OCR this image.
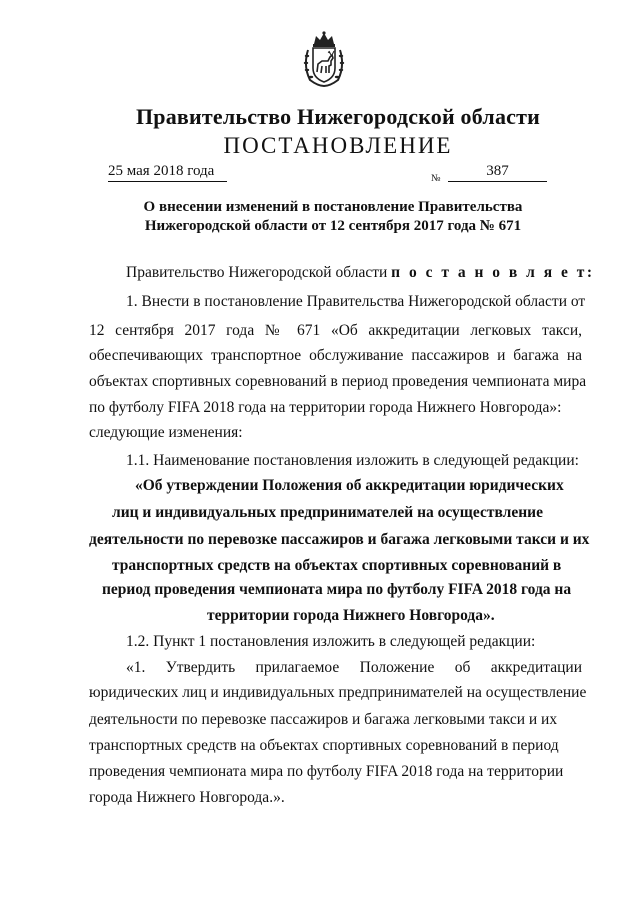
Правительство Нижегородской области
ПОСТАНОВЛЕНИЕ
25 мая 2018 года	№	387
О внесении изменений в постановление Правительства
Нижегородской области от 12 сентября 2017 года № 671
Правительство Нижегородской области п о с т а н о в л я е т:
1. Внести в постановление Правительства Нижегородской области от
12 сентября 2017 года № 671 «Об аккредитации легковых такси,
обеспечивающих транспортное обслуживание пассажиров и багажа на
объектах спортивных соревнований в период проведения чемпионата мира
по футболу FIFA 2018 года на территории города Нижнего Новгорода»:
следующие изменения:
1.1. Наименование постановления изложить в следующей редакции:
«Об утверждении Положения об аккредитации юридических
лиц и индивидуальных предпринимателей на осуществление
деятельности по перевозке пассажиров и багажа легковыми такси и их
транспортных средств на объектах спортивных соревнований в
период проведения чемпионата мира по футболу FIFA 2018 года на
территории города Нижнего Новгорода».
1.2. Пункт 1 постановления изложить в следующей редакции:
«1. Утвердить прилагаемое Положение об аккредитации
юридических лиц и индивидуальных предпринимателей на осуществление
деятельности по перевозке пассажиров и багажа легковыми такси и их
транспортных средств на объектах спортивных соревнований в период
проведения чемпионата мира по футболу FIFA 2018 года на территории
города Нижнего Новгорода.».
